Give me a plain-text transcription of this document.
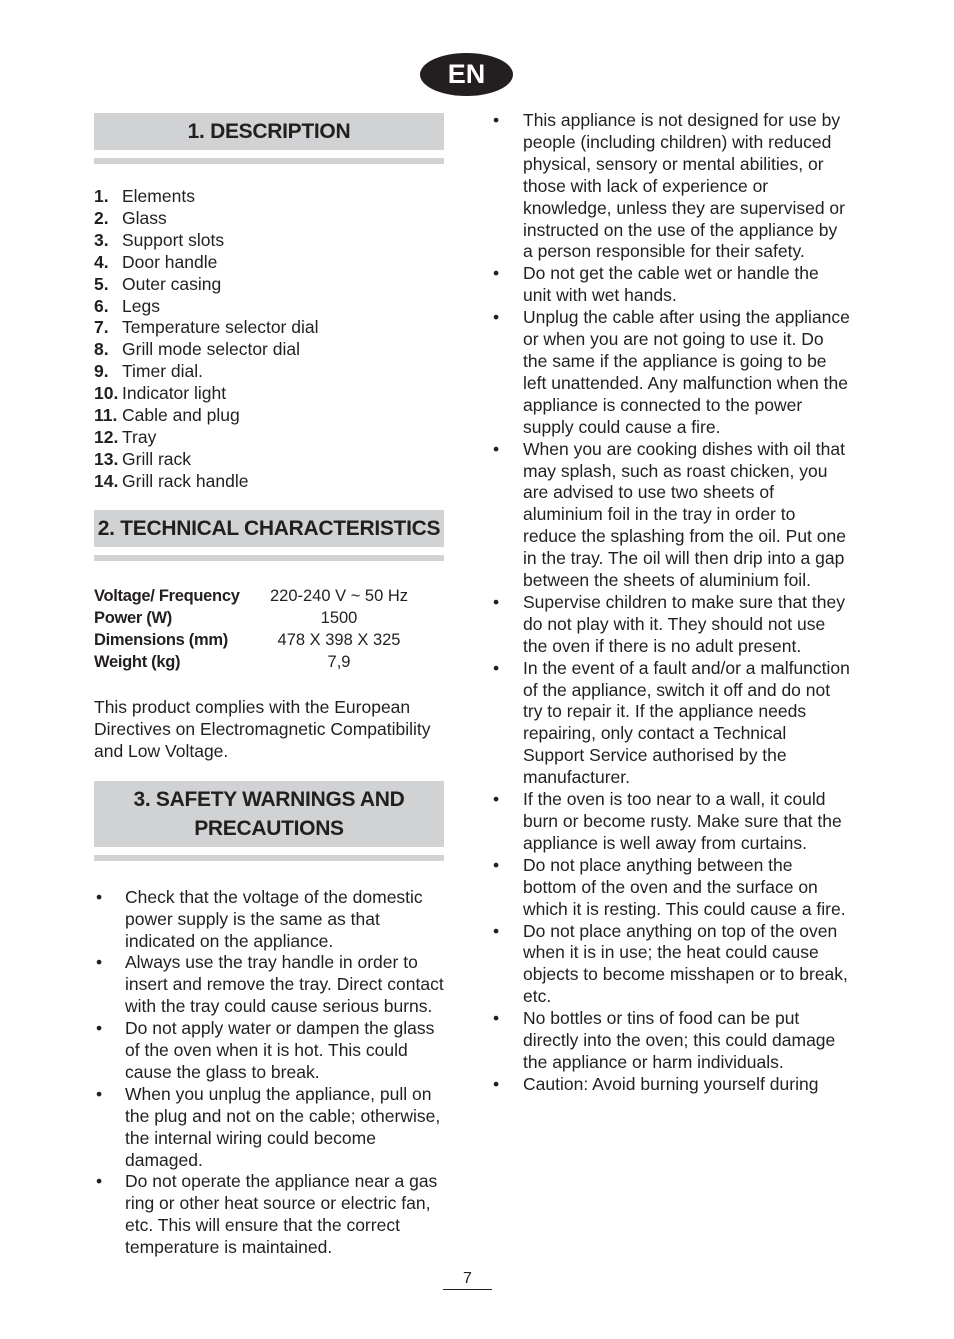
EN
1. DESCRIPTION
1. Elements
2. Glass
3. Support slots
4. Door handle
5. Outer casing
6. Legs
7. Temperature selector dial
8. Grill mode selector dial
9. Timer dial.
10. Indicator light
11. Cable and plug
12. Tray
13. Grill rack
14. Grill rack handle
2. TECHNICAL CHARACTERISTICS
Voltage/ Frequency	220-240 V ~ 50 Hz
Power (W)	1500
Dimensions (mm)	478 X 398 X 325
Weight (kg)	7,9
This product complies with the European Directives on Electromagnetic Compatibility and Low Voltage.
3. SAFETY WARNINGS AND
PRECAUTIONS
• Check that the voltage of the domestic power supply is the same as that indicated on the appliance.
• Always use the tray handle in order to insert and remove the tray. Direct contact with the tray could cause serious burns.
• Do not apply water or dampen the glass of the oven when it is hot. This could cause the glass to break.
• When you unplug the appliance, pull on the plug and not on the cable; otherwise, the internal wiring could become damaged.
• Do not operate the appliance near a gas ring or other heat source or electric fan, etc. This will ensure that the correct temperature is maintained.
• This appliance is not designed for use by people (including children) with reduced physical, sensory or mental abilities, or those with lack of experience or knowledge, unless they are supervised or instructed on the use of the appliance by a person responsible for their safety.
• Do not get the cable wet or handle the unit with wet hands.
• Unplug the cable after using the appliance or when you are not going to use it. Do the same if the appliance is going to be left unattended. Any malfunction when the appliance is connected to the power supply could cause a fire.
• When you are cooking dishes with oil that may splash, such as roast chicken, you are advised to use two sheets of aluminium foil in the tray in order to reduce the splashing from the oil. Put one in the tray. The oil will then drip into a gap between the sheets of aluminium foil.
• Supervise children to make sure that they do not play with it. They should not use the oven if there is no adult present.
• In the event of a fault and/or a malfunction of the appliance, switch it off and do not try to repair it. If the appliance needs repairing, only contact a Technical Support Service authorised by the manufacturer.
• If the oven is too near to a wall, it could burn or become rusty. Make sure that the appliance is well away from curtains.
• Do not place anything between the bottom of the oven and the surface on which it is resting. This could cause a fire.
• Do not place anything on top of the oven when it is in use; the heat could cause objects to become misshapen or to break, etc.
• No bottles or tins of food can be put directly into the oven; this could damage the appliance or harm individuals.
• Caution: Avoid burning yourself during
7
